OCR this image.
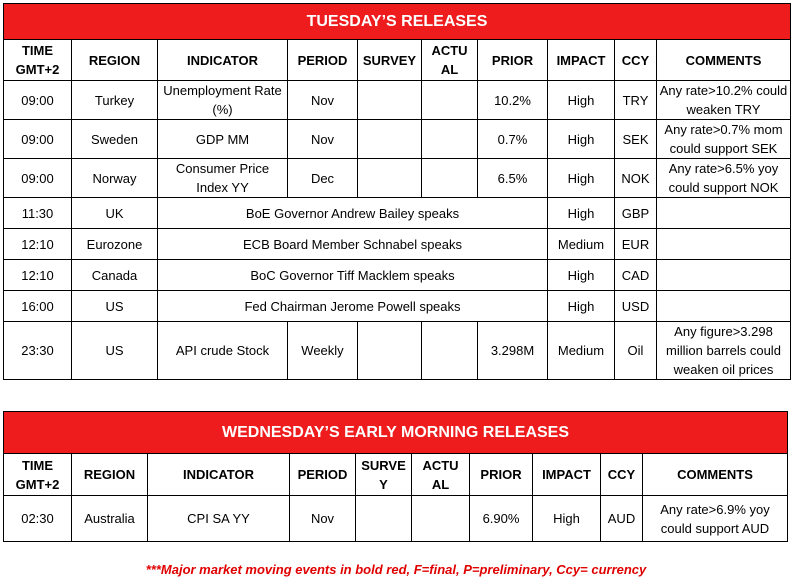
TUESDAY’S RELEASES									
TIME GMT+2	REGION	INDICATOR	PERIOD	SURVEY	ACTU AL	PRIOR	IMPACT	CCY	COMMENTS
09:00	Turkey	Unemployment Rate (%)	Nov			10.2%	High	TRY	Any rate>10.2% could weaken TRY
09:00	Sweden	GDP MM	Nov			0.7%	High	SEK	Any rate>0.7% mom could support SEK
09:00	Norway	Consumer Price Index YY	Dec			6.5%	High	NOK	Any rate>6.5% yoy could support NOK
11:30	UK	BoE Governor Andrew Bailey speaks					High	GBP	
12:10	Eurozone	ECB Board Member Schnabel speaks					Medium	EUR	
12:10	Canada	BoC Governor Tiff Macklem speaks					High	CAD	
16:00	US	Fed Chairman Jerome Powell speaks					High	USD	
23:30	US	API crude Stock	Weekly			3.298M	Medium	Oil	Any figure>3.298 million barrels could weaken oil prices
WEDNESDAY’S EARLY MORNING RELEASES									
TIME GMT+2	REGION	INDICATOR	PERIOD	SURVE Y	ACTU AL	PRIOR	IMPACT	CCY	COMMENTS
02:30	Australia	CPI SA YY	Nov			6.90%	High	AUD	Any rate>6.9% yoy could support AUD
***Major market moving events in bold red, F=final, P=preliminary, Ccy= currency
